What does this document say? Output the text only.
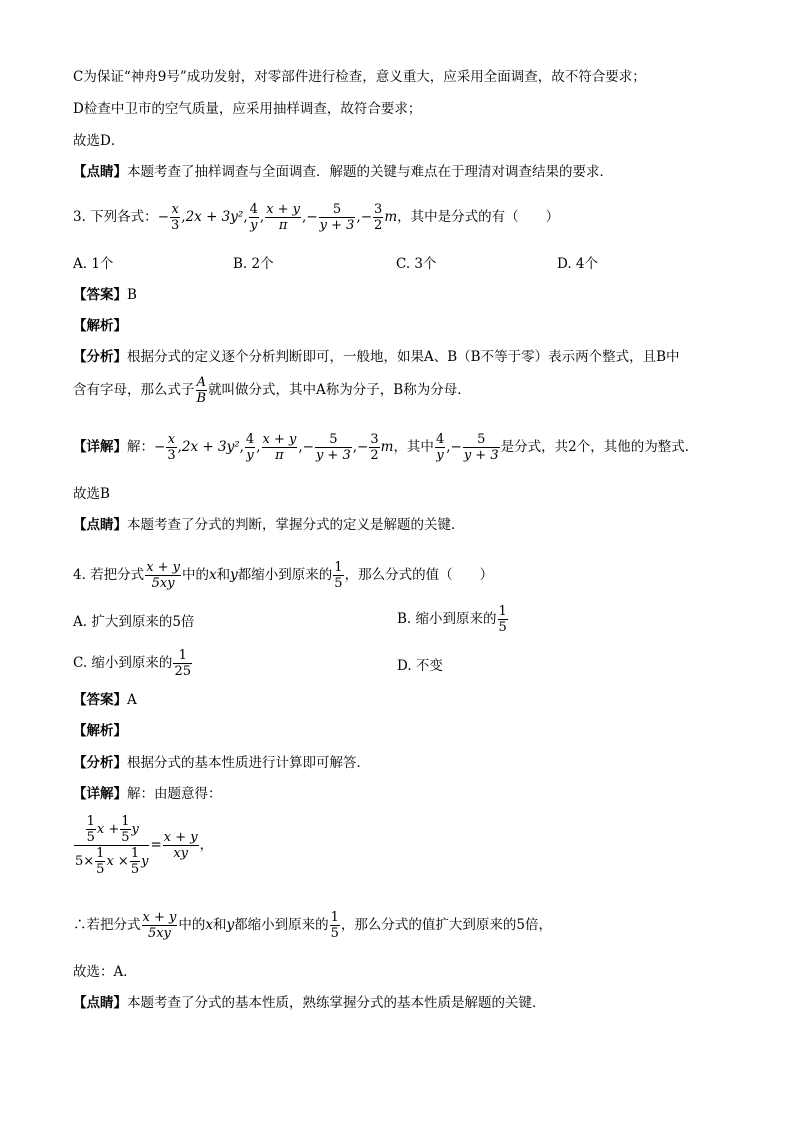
C为保证“神舟9号”成功发射，对零部件进行检查，意义重大，应采用全面调查，故不符合要求；
D检查中卫市的空气质量，应采用抽样调查，故符合要求；
故选D．
【点睛】本题考查了抽样调查与全面调查．解题的关键与难点在于理清对调查结果的要求．
3. 下列各式：− $\frac{x}{3} ,2x + 3y^2$, $\frac{4}{y}$ , $\frac{x + y}{\pi}$ ,− $\frac{5}{y + 3}$ ,− $\frac{3}{2}$ m，其中是分式的有（　　）
A. 1个	B. 2个	C. 3个	D. 4个
【答案】B
【解析】
【分析】根据分式的定义逐个分析判断即可，一般地，如果A、B（B不等于零）表示两个整式，且B中
含有字母，那么式子 $\frac{A}{B}$ 就叫做分式，其中A称为分子，B称为分母．
【详解】解：− $\frac{x}{3} ,2x + 3y^2$, $\frac{4}{y}$ , $\frac{x + y}{\pi}$ ,− $\frac{5}{y + 3}$ ,− $\frac{3}{2}$ m，其中 $\frac{4}{y}$ ,− $\frac{5}{y + 3}$ 是分式，共2个，其他的为整式．
故选B
【点睛】本题考查了分式的判断，掌握分式的定义是解题的关键．
4. 若把分式 $\frac{x + y}{5xy}$ 中的x和y都缩小到原来的 $\frac{1}{5}$ ，那么分式的值（　　）
A. 扩大到原来的5倍	B. 缩小到原来的 $\frac{1}{5}$
C. 缩小到原来的 $\frac{1}{25}$	D. 不变
【答案】A
【解析】
【分析】根据分式的基本性质进行计算即可解答．
【详解】解：由题意得：
$\frac{\frac{1}{5} x + \frac{1}{5} y}{5\times \frac{1}{5} x \times \frac{1}{5} y} = \frac{x + y}{xy}$ ，
∴若把分式 $\frac{x + y}{5xy}$ 中的x和y都缩小到原来的 $\frac{1}{5}$ ，那么分式的值扩大到原来的5倍，
故选：A．
【点睛】本题考查了分式的基本性质，熟练掌握分式的基本性质是解题的关键．
